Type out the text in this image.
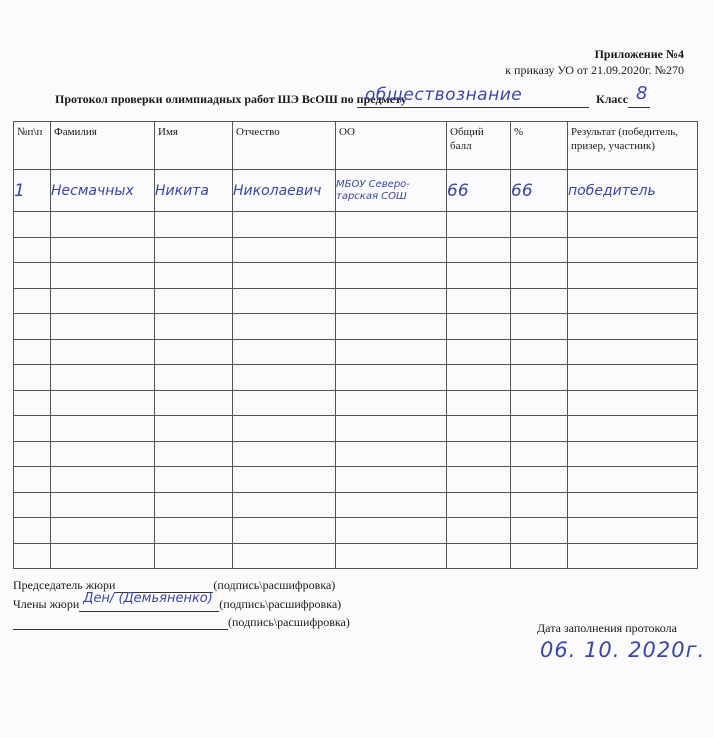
Приложение №4
к приказу УО от 21.09.2020г. №270
Протокол проверки олимпиадных работ ШЭ ВсОШ по предмету
обществознание	Класс 8
№п\п	Фамилия	Имя	Отчество	ОО	Общий балл	%	Результат (победитель, призер, участник)
1	Несмачных	Никита	Николаевич	МБОУ Северо-тарская СОШ	66	66	победитель

Председатель жюри	(подпись\расшифровка)
Члены жюри Ден/ (Демьяненко) (подпись\расшифровка)
(подпись\расшифровка)	Дата заполнения протокола
06. 10. 2020г.
